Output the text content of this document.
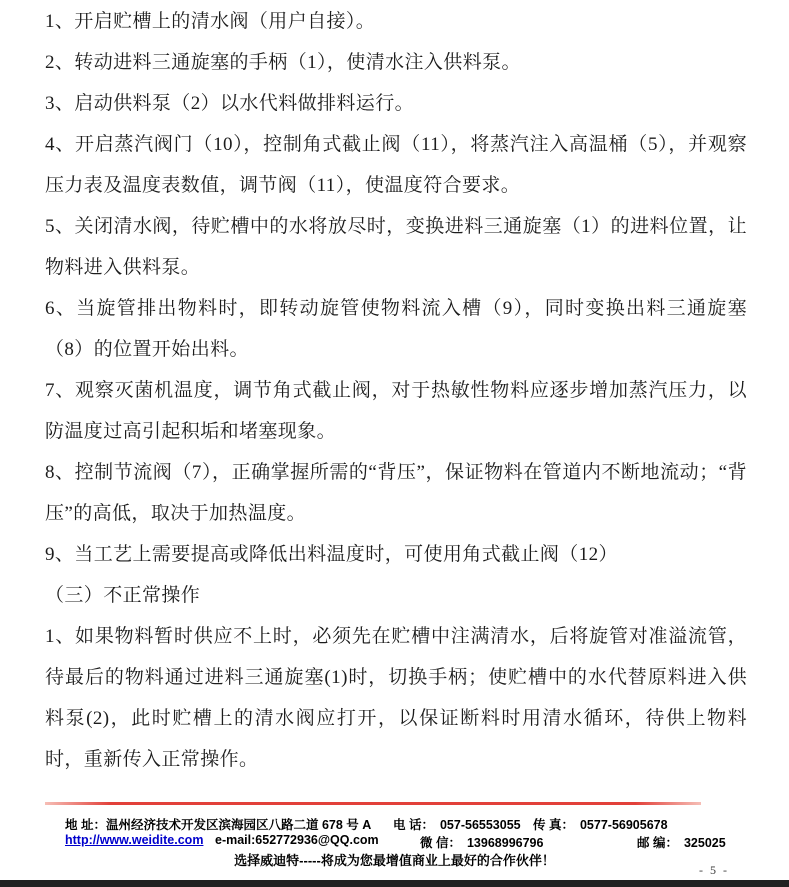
1、开启贮槽上的清水阀（用户自接）。

2、转动进料三通旋塞的手柄（1），使清水注入供料泵。

3、启动供料泵（2）以水代料做排料运行。

4、开启蒸汽阀门（10），控制角式截止阀（11），将蒸汽注入高温桶（5），并观察压力表及温度表数值，调节阀（11），使温度符合要求。

5、关闭清水阀，待贮槽中的水将放尽时，变换进料三通旋塞（1）的进料位置，让物料进入供料泵。

6、当旋管排出物料时，即转动旋管使物料流入槽（9），同时变换出料三通旋塞（8）的位置开始出料。

7、观察灭菌机温度，调节角式截止阀，对于热敏性物料应逐步增加蒸汽压力，以防温度过高引起积垢和堵塞现象。

8、控制节流阀（7），正确掌握所需的“背压”，保证物料在管道内不断地流动；“背压”的高低，取决于加热温度。

9、当工艺上需要提高或降低出料温度时，可使用角式截止阀（12）

（三）不正常操作

1、如果物料暂时供应不上时，必须先在贮槽中注满清水，后将旋管对准溢流管，待最后的物料通过进料三通旋塞(1)时，切换手柄；使贮槽中的水代替原料进入供料泵(2)，此时贮槽上的清水阀应打开，以保证断料时用清水循环，待供上物料时，重新传入正常操作。

地 址：温州经济技术开发区滨海园区八路二道 678 号 A	电 话： 057-56553055 传 真： 0577-56905678
http://www.weidite.com e-mail:652772936@QQ.com	微 信： 13968996796	邮 编： 325025
选择威迪特-----将成为您最增值商业上最好的合作伙伴！
- 5 -
